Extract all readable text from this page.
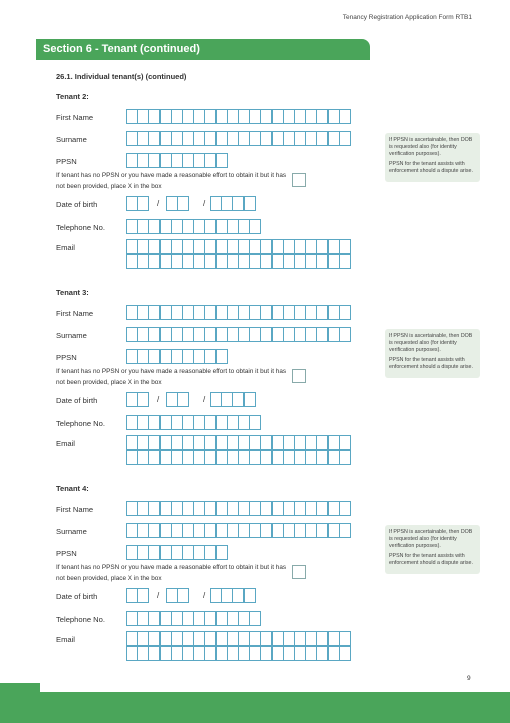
Tenancy Registration Application Form RTB1
Section 6 - Tenant (continued)
26.1. Individual tenant(s) (continued)
Tenant 2:
First Name
Surname
PPSN
If tenant has no PPSN or you have made a reasonable effort to obtain it but it has not been provided, place X in the box
Date of birth	/	/
Telephone No.
Email

If PPSN is ascertainable, then DOB is requested also (for identity verification purposes).

PPSN for the tenant assists with enforcement should a dispute arise.

Tenant 3:
First Name
Surname
PPSN
If tenant has no PPSN or you have made a reasonable effort to obtain it but it has not been provided, place X in the box
Date of birth	/	/
Telephone No.
Email

If PPSN is ascertainable, then DOB is requested also (for identity verification purposes).

PPSN for the tenant assists with enforcement should a dispute arise.

Tenant 4:
First Name
Surname
PPSN
If tenant has no PPSN or you have made a reasonable effort to obtain it but it has not been provided, place X in the box
Date of birth	/	/
Telephone No.
Email

If PPSN is ascertainable, then DOB is requested also (for identity verification purposes).

PPSN for the tenant assists with enforcement should a dispute arise.

9
